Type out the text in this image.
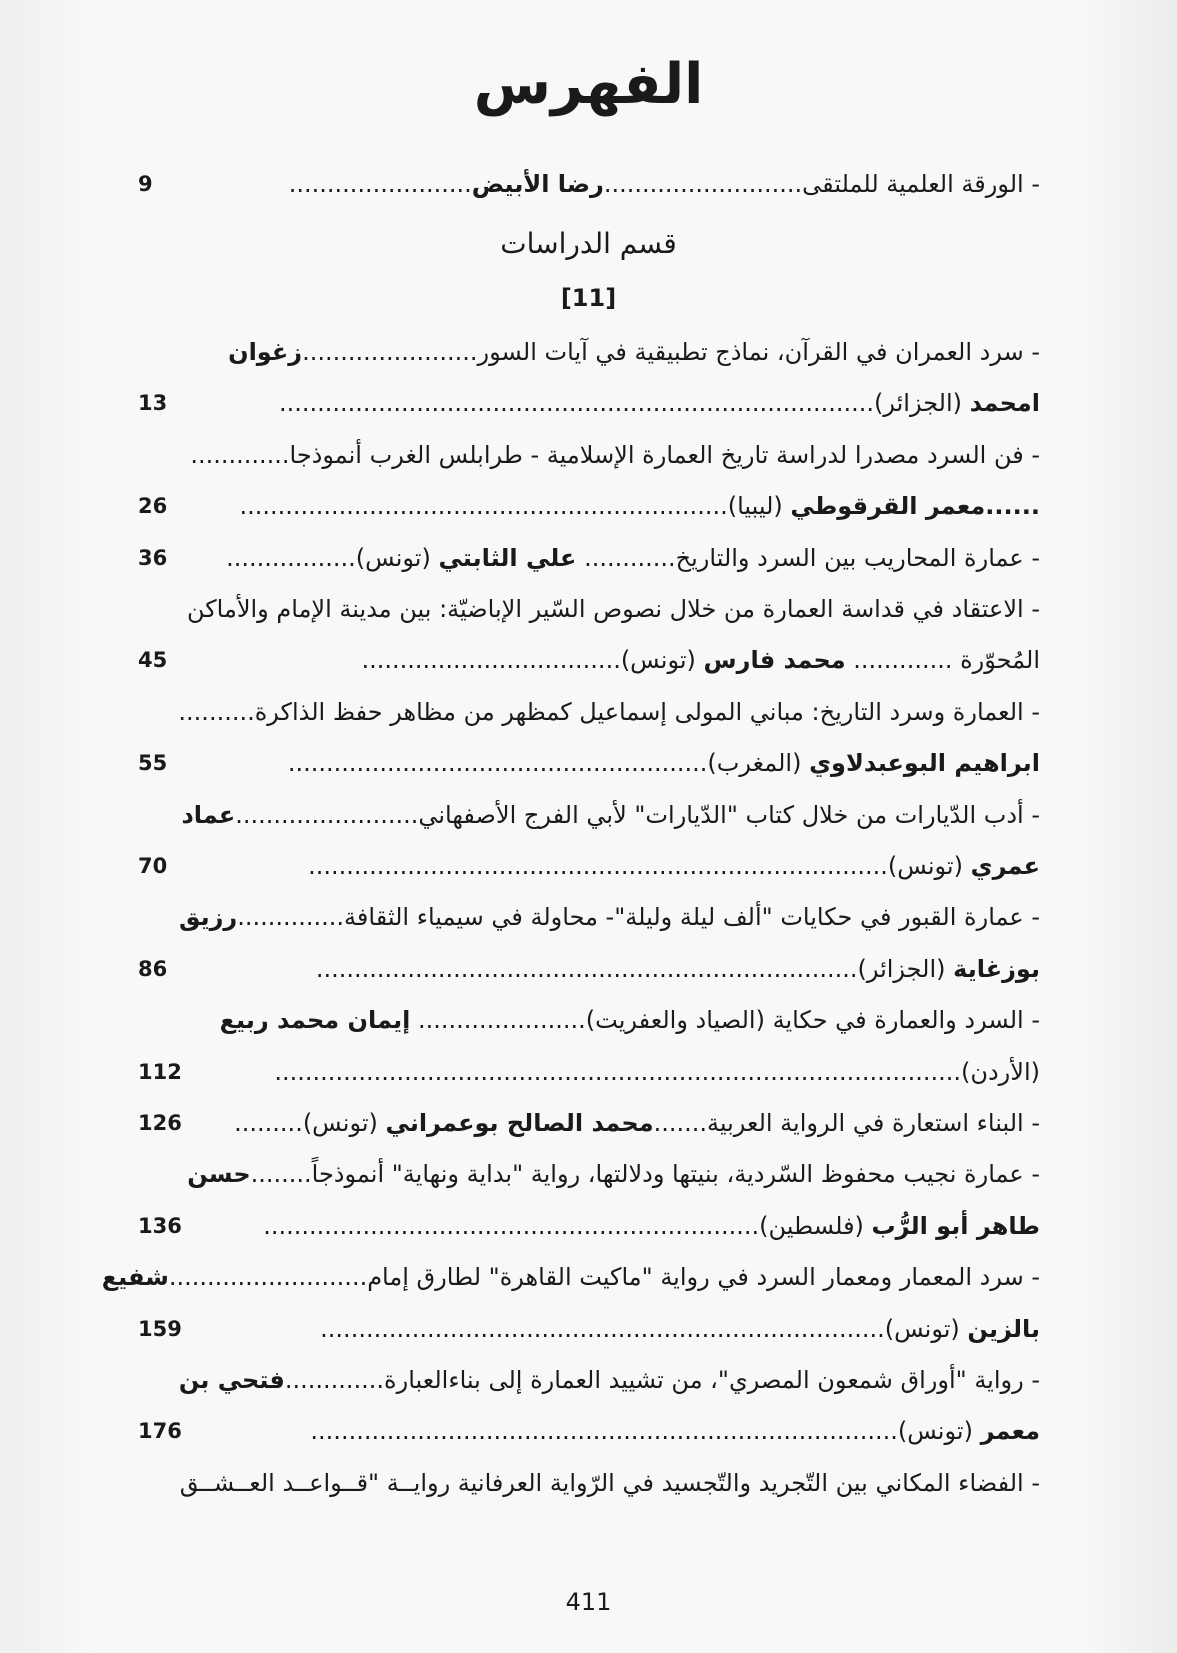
الفهرس
- الورقة العلمية للملتقى..........................رضا الأبيض........................
9
قسم الدراسات
[11]
- سرد العمران في القرآن، نماذج تطبيقية في آيات السور.......................زغوان
امحمد (الجزائر)..............................................................................
13
- فن السرد مصدرا لدراسة تاريخ العمارة الإسلامية - طرابلس الغرب أنموذجا.............
......معمر القرقوطي (ليبيا)................................................................
26
- عمارة المحاريب بين السرد والتاريخ............ علي الثابتي (تونس).................
36
- الاعتقاد في قداسة العمارة من خلال نصوص السّير الإباضيّة: بين مدينة الإمام والأماكن
المُحوّرة ............. محمد فارس (تونس)..................................
45
- العمارة وسرد التاريخ: مباني المولى إسماعيل كمظهر من مظاهر حفظ الذاكرة..........
ابراهيم البوعبدلاوي (المغرب).......................................................
55
- أدب الدّيارات من خلال كتاب "الدّيارات" لأبي الفرج الأصفهاني........................عماد
عمري (تونس)............................................................................
70
- عمارة القبور في حكايات "ألف ليلة وليلة"- محاولة في سيمياء الثقافة..............رزيق
بوزغاية (الجزائر).......................................................................
86
- السرد والعمارة في حكاية (الصياد والعفريت)...................... إيمان محمد ربيع
(الأردن)..........................................................................................
112
- البناء استعارة في الرواية العربية.......محمد الصالح بوعمراني (تونس).........
126
- عمارة نجيب محفوظ السّردية، بنيتها ودلالتها، رواية "بداية ونهاية" أنموذجاً........حسن
طاهر أبو الرُّب (فلسطين).................................................................
136
- سرد المعمار ومعمار السرد في رواية "ماكيت القاهرة" لطارق إمام..........................شفيع
بالزين (تونس)..........................................................................
159
- رواية "أوراق شمعون المصري"، من تشييد العمارة إلى بناءالعبارة.............فتحي بن
معمر (تونس).............................................................................
176
- الفضاء المكاني بين التّجريد والتّجسيد في الرّواية العرفانية روايــة "قــواعــد العــشــق
411
